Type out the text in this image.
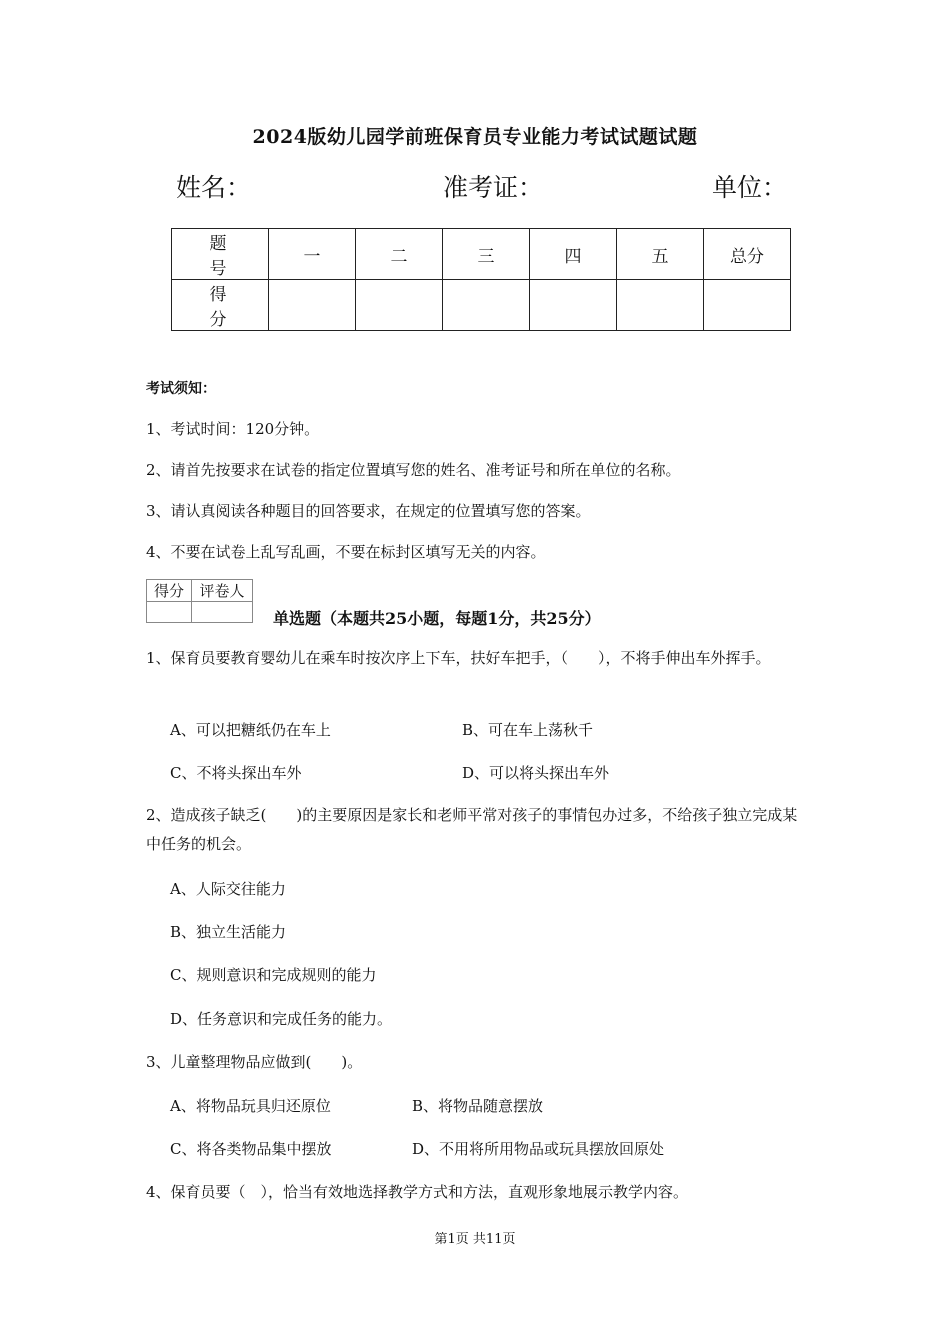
2024版幼儿园学前班保育员专业能力考试试题试题
姓名：	准考证：	单位：
题　号	一	二	三	四	五	总分
得　分						
考试须知：
1、考试时间：120分钟。
2、请首先按要求在试卷的指定位置填写您的姓名、准考证号和所在单位的名称。
3、请认真阅读各种题目的回答要求，在规定的位置填写您的答案。
4、不要在试卷上乱写乱画，不要在标封区填写无关的内容。
得分	评卷人

单选题（本题共25小题，每题1分，共25分）
1、保育员要教育婴幼儿在乘车时按次序上下车，扶好车把手，（　　），不将手伸出车外挥手。
A、可以把糖纸仍在车上	B、可在车上荡秋千
C、不将头探出车外	D、可以将头探出车外
2、造成孩子缺乏(　　)的主要原因是家长和老师平常对孩子的事情包办过多，不给孩子独立完成某中任务的机会。
A、人际交往能力
B、独立生活能力
C、规则意识和完成规则的能力
D、任务意识和完成任务的能力。
3、儿童整理物品应做到(　　)。
A、将物品玩具归还原位	B、将物品随意摆放
C、将各类物品集中摆放	D、不用将所用物品或玩具摆放回原处
4、保育员要（　），恰当有效地选择教学方式和方法，直观形象地展示教学内容。
第1页 共11页
